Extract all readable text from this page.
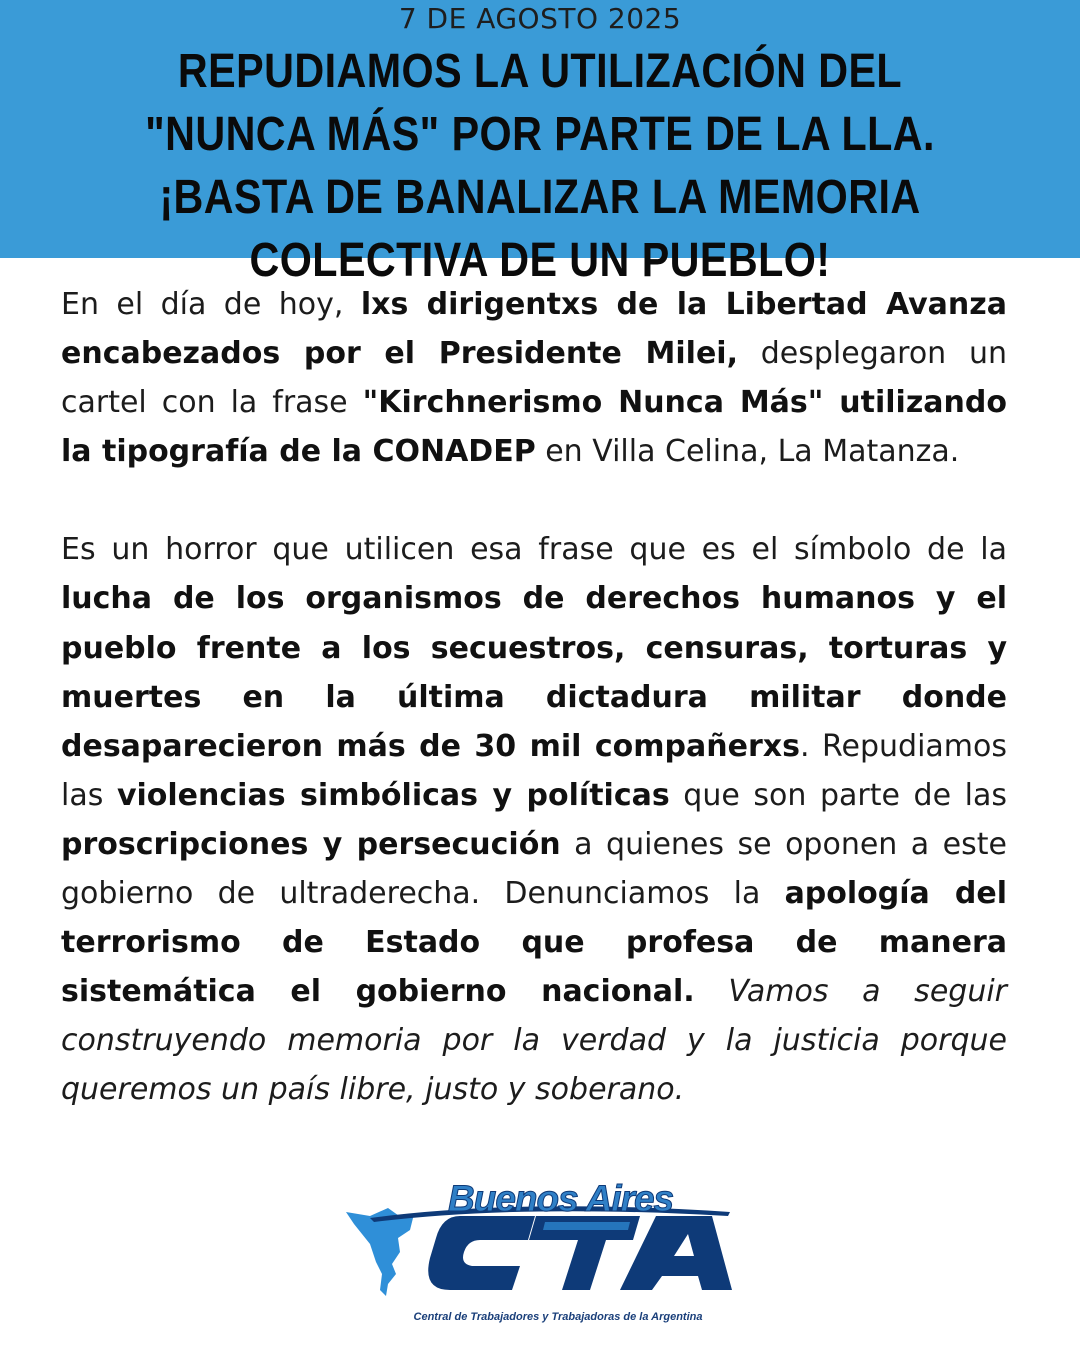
7 DE AGOSTO 2025
REPUDIAMOS LA UTILIZACIÓN DEL "NUNCA MÁS" POR PARTE DE LA LLA. ¡BASTA DE BANALIZAR LA MEMORIA COLECTIVA DE UN PUEBLO!

En el día de hoy, lxs dirigentxs de la Libertad Avanza encabezados por el Presidente Milei, desplegaron un cartel con la frase "Kirchnerismo Nunca Más" utilizando la tipografía de la CONADEP en Villa Celina, La Matanza.

Es un horror que utilicen esa frase que es el símbolo de la lucha de los organismos de derechos humanos y el pueblo frente a los secuestros, censuras, torturas y muertes en la última dictadura militar donde desaparecieron más de 30 mil compañerxs. Repudiamos las violencias simbólicas y políticas que son parte de las proscripciones y persecución a quienes se oponen a este gobierno de ultraderecha. Denunciamos la apología del terrorismo de Estado que profesa de manera sistemática el gobierno nacional. Vamos a seguir construyendo memoria por la verdad y la justicia porque queremos un país libre, justo y soberano.

Buenos Aires
Central de Trabajadores y Trabajadoras de la Argentina
